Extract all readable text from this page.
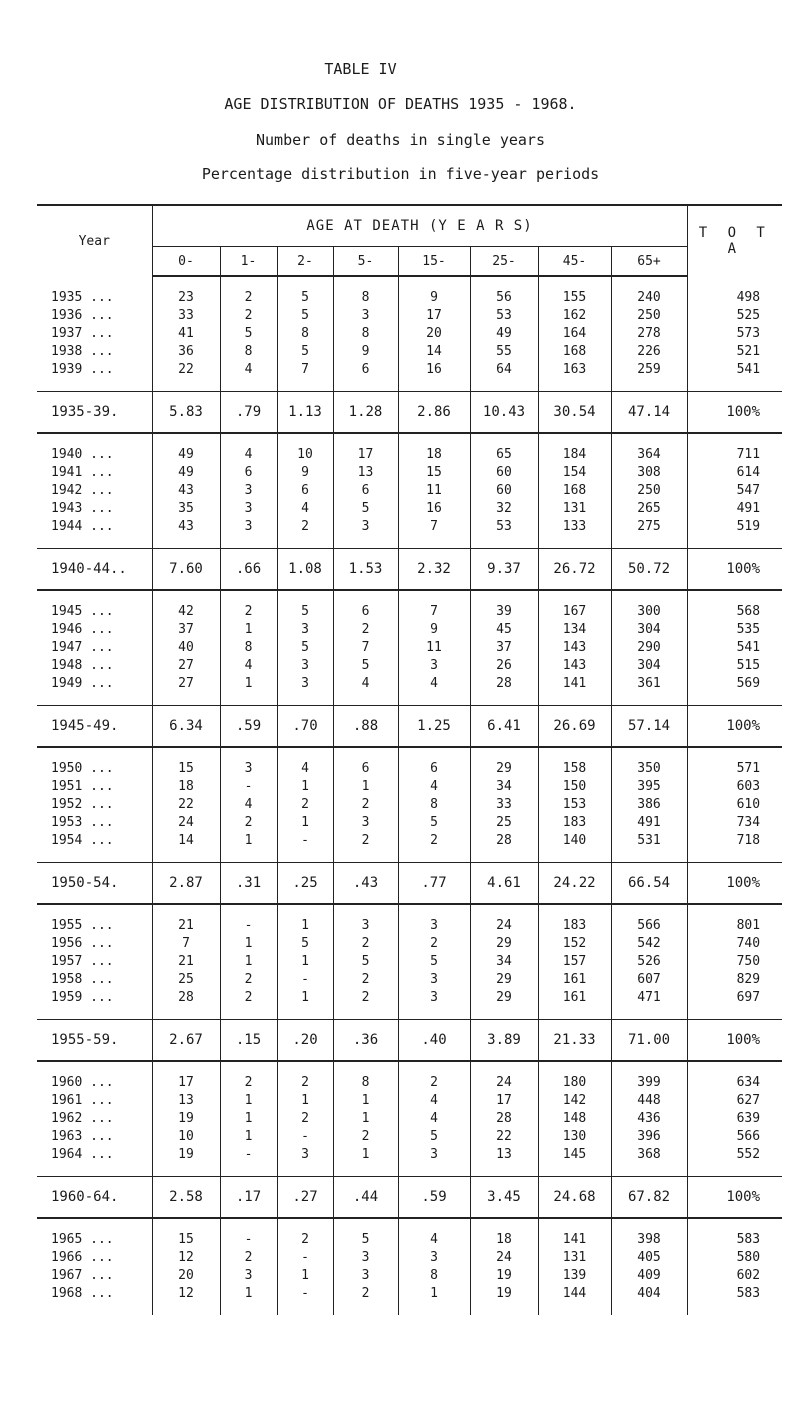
TABLE IV
AGE DISTRIBUTION OF DEATHS 1935 - 1968.
Number of deaths in single years
Percentage distribution in five-year periods
Year	AGE AT DEATH (Y E A R S)								T O T A
	0-	1-	2-	5-	15-	25-	45-	65+	
1935 ...	23	2	5	8	9	56	155	240	498
1936 ...	33	2	5	3	17	53	162	250	525
1937 ...	41	5	8	8	20	49	164	278	573
1938 ...	36	8	5	9	14	55	168	226	521
1939 ...	22	4	7	6	16	64	163	259	541
1935-39.	5.83	.79	1.13	1.28	2.86	10.43	30.54	47.14	100%
1940 ...	49	4	10	17	18	65	184	364	711
1941 ...	49	6	9	13	15	60	154	308	614
1942 ...	43	3	6	6	11	60	168	250	547
1943 ...	35	3	4	5	16	32	131	265	491
1944 ...	43	3	2	3	7	53	133	275	519
1940-44..	7.60	.66	1.08	1.53	2.32	9.37	26.72	50.72	100%
1945 ...	42	2	5	6	7	39	167	300	568
1946 ...	37	1	3	2	9	45	134	304	535
1947 ...	40	8	5	7	11	37	143	290	541
1948 ...	27	4	3	5	3	26	143	304	515
1949 ...	27	1	3	4	4	28	141	361	569
1945-49.	6.34	.59	.70	.88	1.25	6.41	26.69	57.14	100%
1950 ...	15	3	4	6	6	29	158	350	571
1951 ...	18	-	1	1	4	34	150	395	603
1952 ...	22	4	2	2	8	33	153	386	610
1953 ...	24	2	1	3	5	25	183	491	734
1954 ...	14	1	-	2	2	28	140	531	718
1950-54.	2.87	.31	.25	.43	.77	4.61	24.22	66.54	100%
1955 ...	21	-	1	3	3	24	183	566	801
1956 ...	7	1	5	2	2	29	152	542	740
1957 ...	21	1	1	5	5	34	157	526	750
1958 ...	25	2	-	2	3	29	161	607	829
1959 ...	28	2	1	2	3	29	161	471	697
1955-59.	2.67	.15	.20	.36	.40	3.89	21.33	71.00	100%
1960 ...	17	2	2	8	2	24	180	399	634
1961 ...	13	1	1	1	4	17	142	448	627
1962 ...	19	1	2	1	4	28	148	436	639
1963 ...	10	1	-	2	5	22	130	396	566
1964 ...	19	-	3	1	3	13	145	368	552
1960-64.	2.58	.17	.27	.44	.59	3.45	24.68	67.82	100%
1965 ...	15	-	2	5	4	18	141	398	583
1966 ...	12	2	-	3	3	24	131	405	580
1967 ...	20	3	1	3	8	19	139	409	602
1968 ...	12	1	-	2	1	19	144	404	583
